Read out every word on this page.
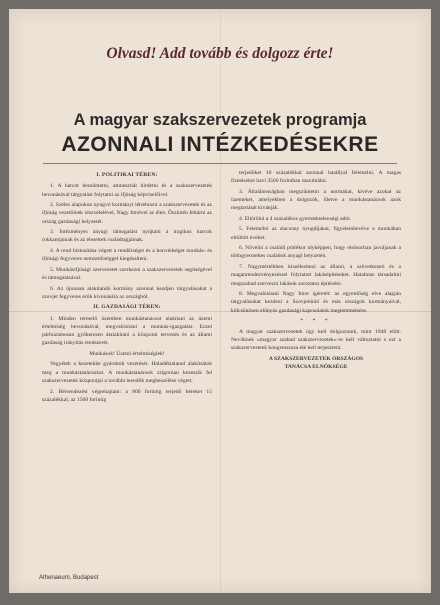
Olvasd! Add tovább és dolgozz érte!
A magyar szakszervezetek programja
AZONNALI INTÉZKEDÉSEKRE

I. POLITIKAI TÉREN:

1. A harcot beszüntetni, amnesztiát hirdetni és a szakszervezetek bevonásával tárgyalást folytatni az ifjúság képviselőivel.

2. Széles alapokon nyugvó kormányt létrehozni a szakszervezetek és az ifjúság vezetőinek részvételével, Nagy Imrével az élen. Őszintén feltárni az ország gazdasági helyzetét.

3. Intézményes anyagi támogatást nyújtani a tragikus harcok rokkantjainak és az elesettek családtagjainak.

4. A rend biztosítása végett a rendőrséget és a honvédséget munkás- és ifjúsági fegyveres nemzetőrséggel kiegészíteni.

5. Munkásifjúsági szervezetet szerkezni a szakszervezetek segítségével és támogatásával.

6. Az újonnan alakítandó kormány azonnal kezdjen tárgyalásokat a szovjet fegyveres erők kivonására az országból.

II. GAZDASÁGI TÉREN:

1. Minden termelő üzemben munkástanácsot alakítani az üzemi értelmiség bevonásával, megvalósítani a munkás-igazgatást. Ezzel párhuzamosan gyökeresen átalakítani a központi tervezés és az állami gazdaság irányítás rendszerét.

Munkások! Üzemi értelmiségiek!

Vegyétek a kezetekbe gyáraitok vezetését. Haladéktalanul alakítsátok meg a munkástanácsokat. A munkástanácsok szigorúan kezeszik fel szakszervezetek központjai a további teendők megbeszélése végett.

2. Bérrendezést végrehajtani: a 800 forintig terjedő béreket 15 százalékkal, az 1500 forintig

terjedőket 10 százalékkal azonnal hatállyal felemelni. A magas fizetéseket havi 3500 forintban maximálni.

3. Általánosságban megszüntetni a normákat, kivéve azokat az üzemeket, amelyekben a dolgozók, illetve a munkástanácsok azok megtartását kívánják.

4. Eltörölni a 4 százalékos gyermektelenségi adót.

5. Felemelni az alacsony nyugdíjakat, figyelembevéve a munkában eltöltött éveket.

6. Növelni a családi pótlékot olyképpen, hogy elsősorban javuljanak a többgyermekes családok anyagi helyzetén.

7. Nagymértékben kiszélesíteni az állami, a szövetkezeti és a maganrendezvényezéssel folytatott lakásépítéseket. Hatalmas társadalmi megszabad szervezni lakások sorozatos építésére.

8. Megvalósítani Nagy Imre ígéretét: az egyenlőség elve alapján tárgyalásokat kezdeni a Szovjetúnió és más országok kormányaival, kölcsönösen előnyös gazdasági kapcsolatok megteremtésére.

* * *

A magyar szakszervezetek úgy kell dolgoznunk, mint 1948 előtt. Nevüknek »magyar szabad szakszervezetek«-re kell változtatni s ezt a szakszervezetek kongresszusa elé kell terjeszteni.

A SZAKSZERVEZETEK ORSZÁGOS

TANÁCSA ELNÖKSÉGE

Athenaeum, Budapest
